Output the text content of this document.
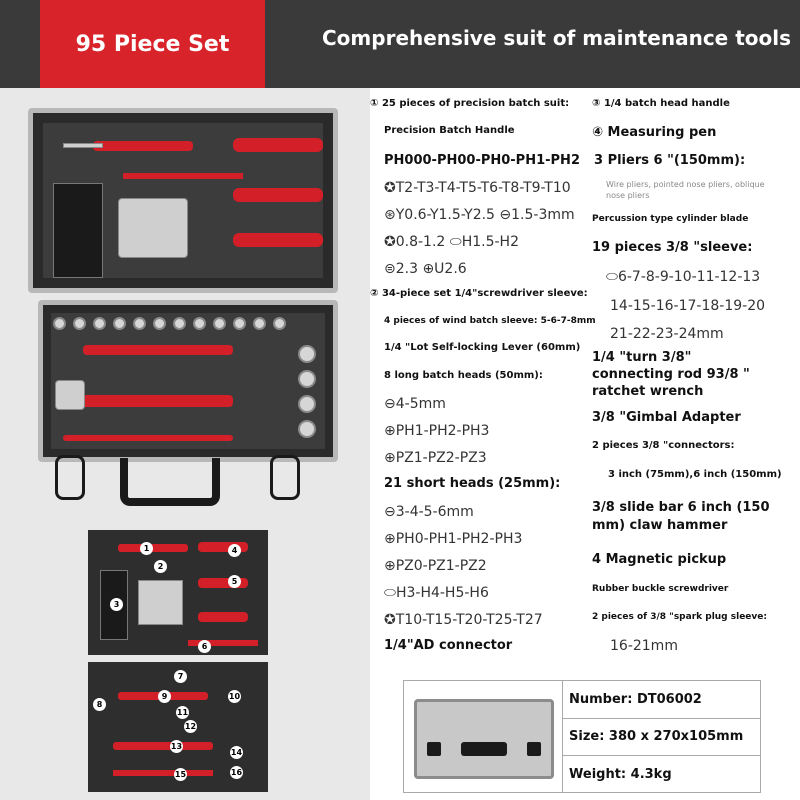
95 Piece Set	Comprehensive suit of maintenance tools
1
2
3
4
5
6
7
8
9	10
11
12
13
14
15	16
① 25 pieces of precision batch suit:
Precision Batch Handle
PH000-PH00-PH0-PH1-PH2
✪T2-T3-T4-T5-T6-T8-T9-T10
⊛Y0.6-Y1.5-Y2.5 ⊖1.5-3mm
✪0.8-1.2 ⬭H1.5-H2
⊜2.3 ⊕U2.6
② 34-piece set 1/4"screwdriver sleeve:
4 pieces of wind batch sleeve: 5-6-7-8mm
1/4 "Lot Self-locking Lever (60mm)
8 long batch heads (50mm):
⊖4-5mm
⊕PH1-PH2-PH3
⊕PZ1-PZ2-PZ3
21 short heads (25mm):
⊖3-4-5-6mm
⊕PH0-PH1-PH2-PH3
⊕PZ0-PZ1-PZ2
⬭H3-H4-H5-H6
✪T10-T15-T20-T25-T27
1/4"AD connector
③ 1/4 batch head handle
④ Measuring pen
3 Pliers 6 "(150mm):
Wire pliers, pointed nose pliers, oblique
nose pliers
Percussion type cylinder blade
19 pieces 3/8 "sleeve:
⬭6-7-8-9-10-11-12-13
14-15-16-17-18-19-20
21-22-23-24mm
1/4 "turn 3/8"
connecting rod 93/8 "
ratchet wrench
3/8 "Gimbal Adapter
2 pieces 3/8 "connectors:
3 inch (75mm),6 inch (150mm)
3/8 slide bar 6 inch (150
mm) claw hammer
4 Magnetic pickup
Rubber buckle screwdriver
2 pieces of 3/8 "spark plug sleeve:
16-21mm
Number: DT06002
Size: 380 x 270x105mm
Weight: 4.3kg
